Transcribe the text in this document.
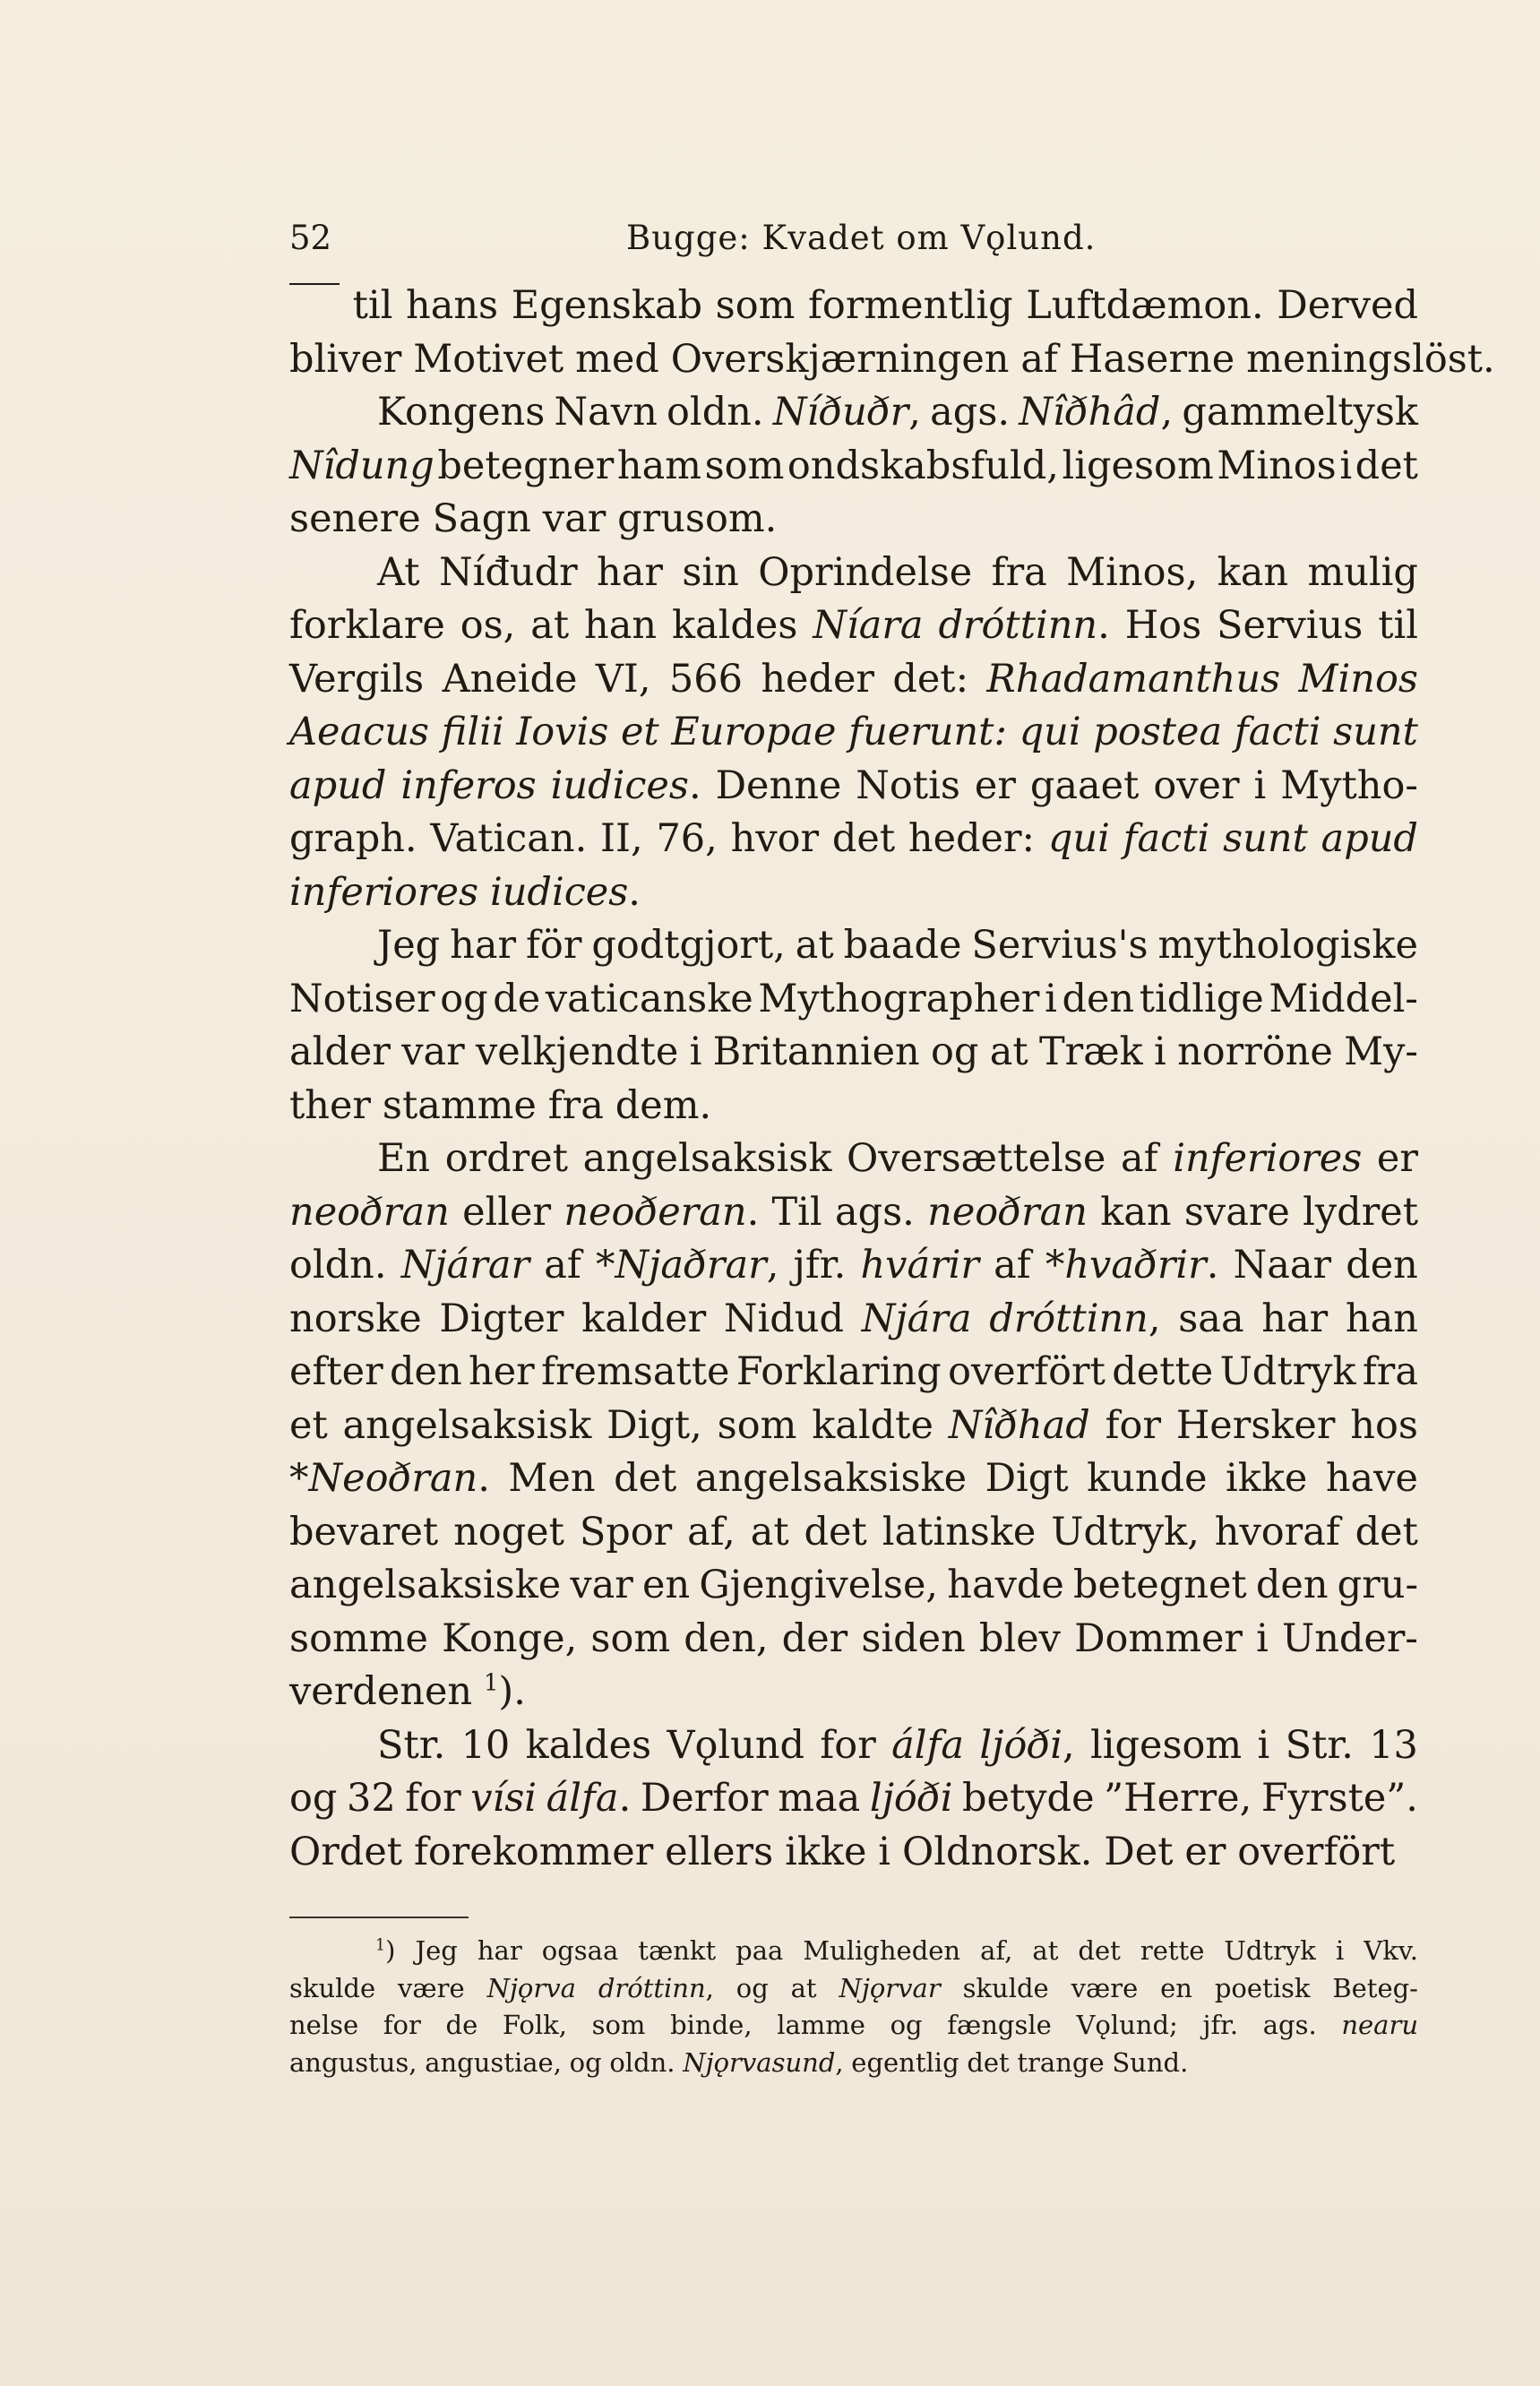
52	Bugge: Kvadet om Vǫlund.
til hans Egenskab som formentlig Luftdæmon. Derved
bliver Motivet med Overskjærningen af Haserne meningslöst.
Kongens Navn oldn. Níðuðr, ags. Nîðhâd, gammeltysk
Nîdung betegner ham som ondskabsfuld, ligesom Minos i det
senere Sagn var grusom.
At Níđudr har sin Oprindelse fra Minos, kan mulig
forklare os, at han kaldes Níara dróttinn. Hos Servius til
Vergils Aneide VI, 566 heder det: Rhadamanthus Minos
Aeacus filii Iovis et Europae fuerunt: qui postea facti sunt
apud inferos iudices. Denne Notis er gaaet over i Mytho-
graph. Vatican. II, 76, hvor det heder: qui facti sunt apud
inferiores iudices.
Jeg har för godtgjort, at baade Servius's mythologiske
Notiser og de vaticanske Mythographer i den tidlige Middel-
alder var velkjendte i Britannien og at Træk i norröne My-
ther stamme fra dem.
En ordret angelsaksisk Oversættelse af inferiores er
neoðran eller neoðeran. Til ags. neoðran kan svare lydret
oldn. Njárar af *Njaðrar, jfr. hvárir af *hvaðrir. Naar den
norske Digter kalder Nidud Njára dróttinn, saa har han
efter den her fremsatte Forklaring overfört dette Udtryk fra
et angelsaksisk Digt, som kaldte Nîðhad for Hersker hos
*Neoðran. Men det angelsaksiske Digt kunde ikke have
bevaret noget Spor af, at det latinske Udtryk, hvoraf det
angelsaksiske var en Gjengivelse, havde betegnet den gru-
somme Konge, som den, der siden blev Dommer i Under-
verdenen $^1$).
Str. 10 kaldes Vǫlund for álfa ljóði, ligesom i Str. 13
og 32 for vísi álfa. Derfor maa ljóði betyde ”Herre, Fyrste”.
Ordet forekommer ellers ikke i Oldnorsk. Det er overfört
$^1$) Jeg har ogsaa tænkt paa Muligheden af, at det rette Udtryk i Vkv.
skulde være Njǫrva dróttinn, og at Njǫrvar skulde være en poetisk Beteg-
nelse for de Folk, som binde, lamme og fængsle Vǫlund; jfr. ags. nearu
angustus, angustiae, og oldn. Njǫrvasund, egentlig det trange Sund.
